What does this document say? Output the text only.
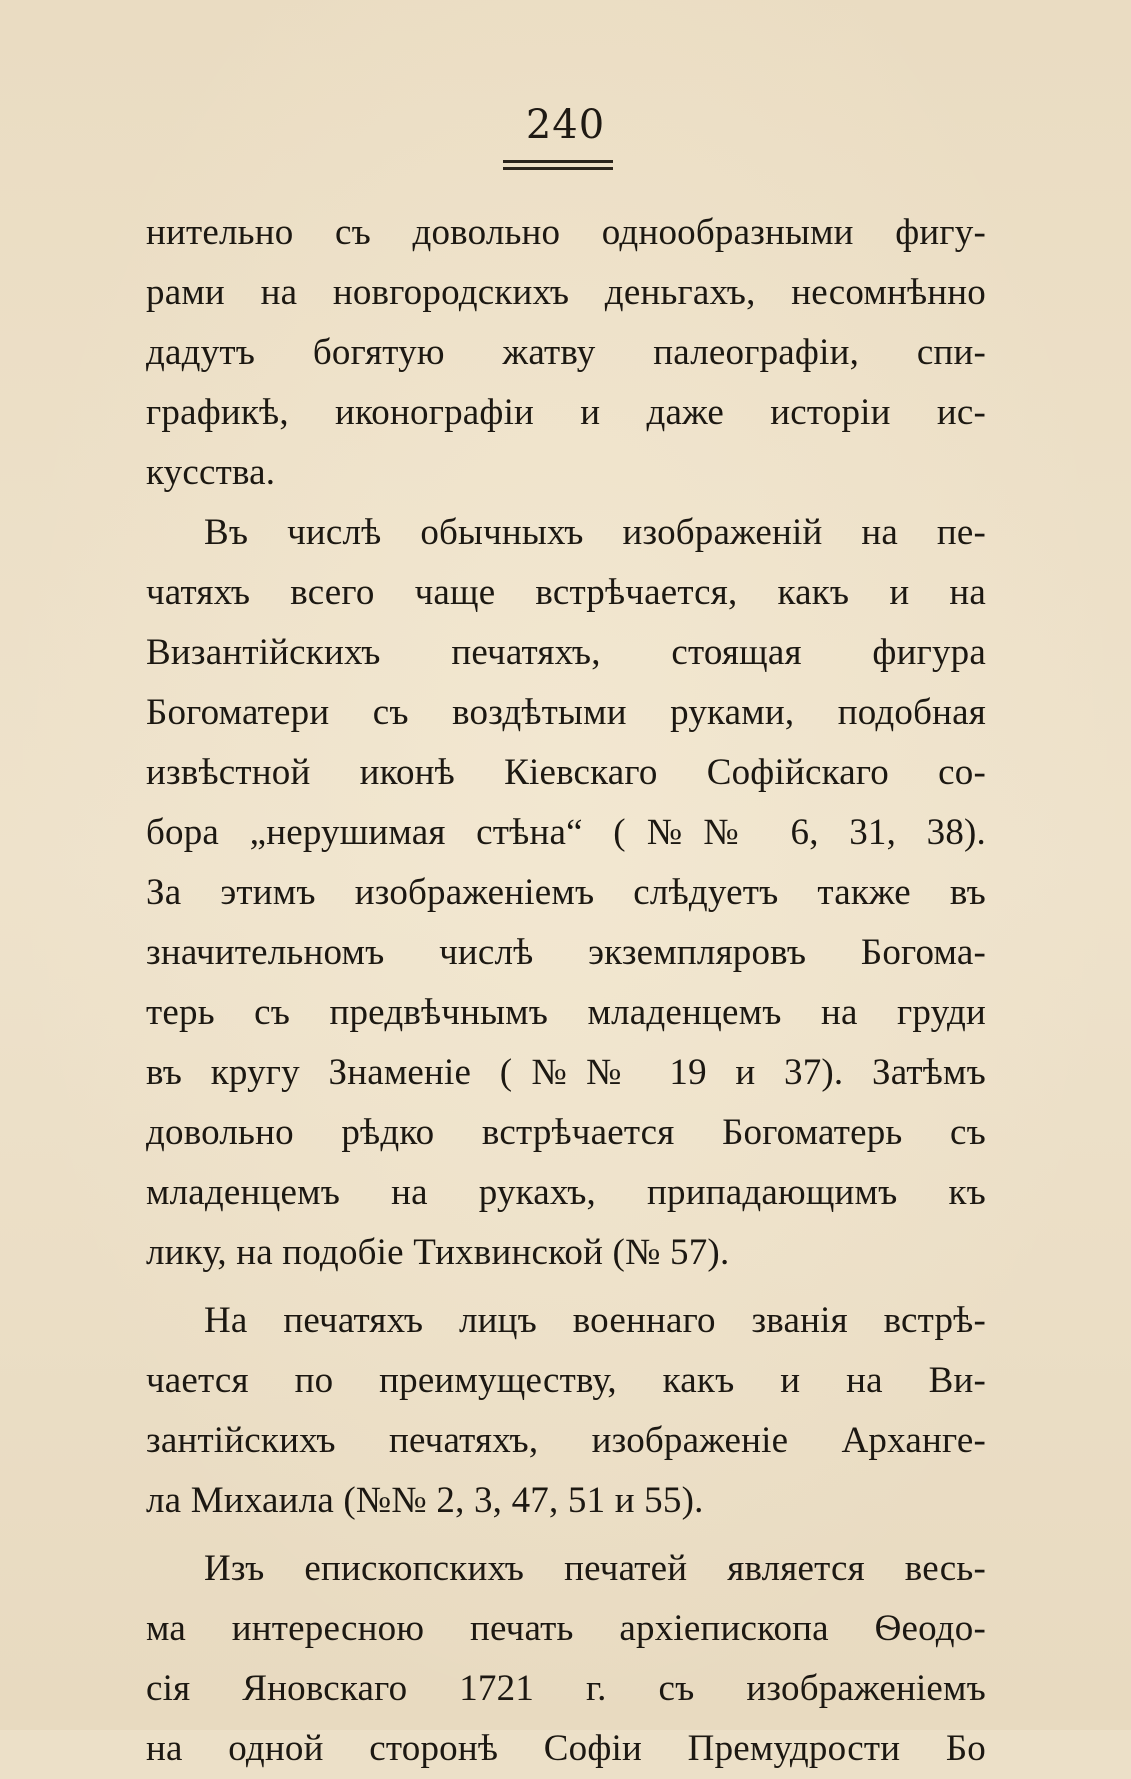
240
нительно съ довольно однообразными фигу-
рами на новгородскихъ деньгахъ, несомнѣнно
дадутъ богятую жатву палеографіи, спи-
графикѣ, иконографіи и даже исторіи ис-
кусства.
Въ числѣ обычныхъ изображеній на пе-
чатяхъ всего чаще встрѣчается, какъ и на
Византійскихъ печатяхъ, стоящая фигура
Богоматери съ воздѣтыми руками, подобная
извѣстной иконѣ Кіевскаго Софійскаго со-
бора „нерушимая стѣна“ (№№ 6, 31, 38).
За этимъ изображеніемъ слѣдуетъ также въ
значительномъ числѣ экземпляровъ Богома-
терь съ предвѣчнымъ младенцемъ на груди
въ кругу Знаменіе (№№ 19 и 37). Затѣмъ
довольно рѣдко встрѣчается Богоматерь съ
младенцемъ на рукахъ, припадающимъ къ
лику, на подобіе Тихвинской (№ 57).
На печатяхъ лицъ военнаго званія встрѣ-
чается по преимуществу, какъ и на Ви-
зантійскихъ печатяхъ, изображеніе Арханге-
ла Михаила (№№ 2, 3, 47, 51 и 55).
Изъ епископскихъ печатей является весь-
ма интересною печать архіепископа Ѳеодо-
сія Яновскаго 1721 г. съ изображеніемъ
на одной сторонѣ Софіи Премудрости Бо
